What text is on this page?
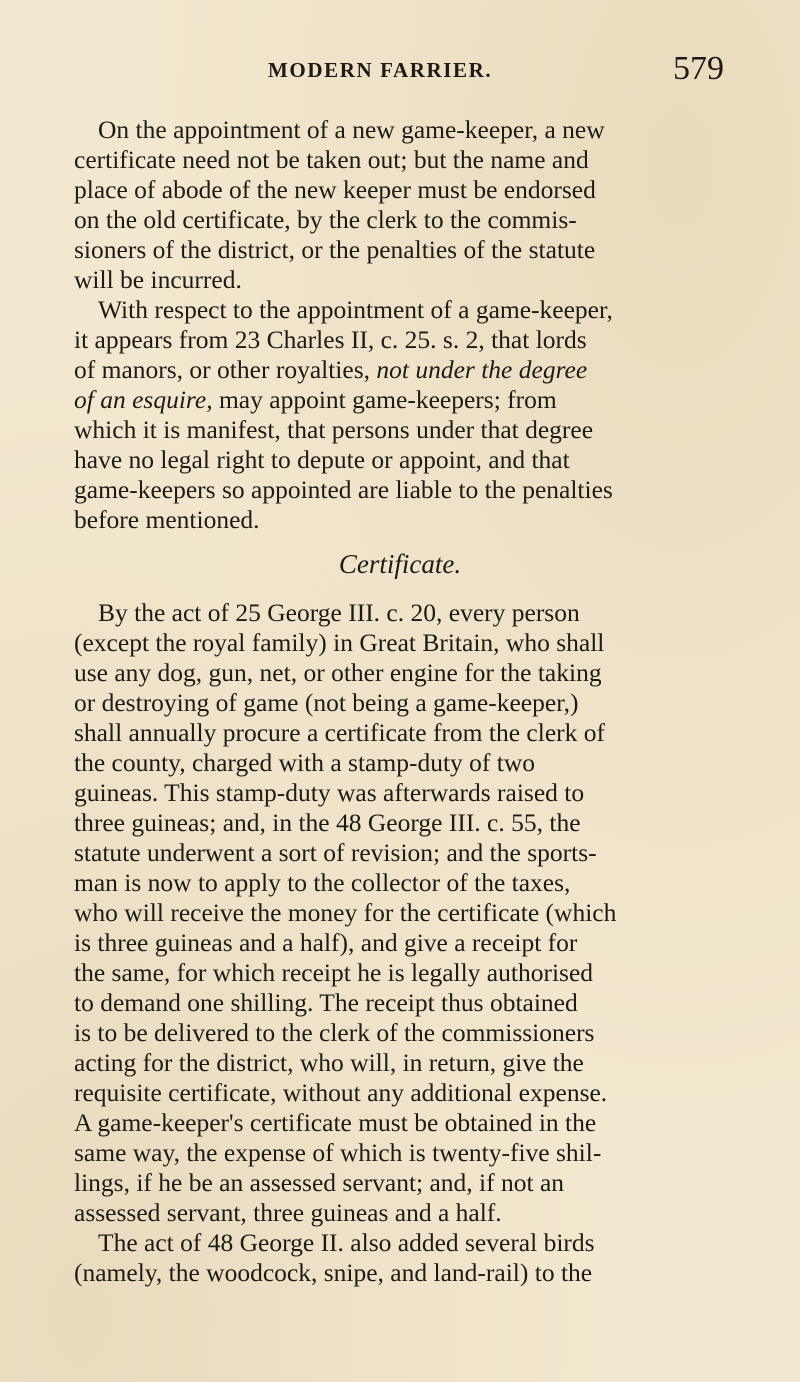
MODERN FARRIER.	579
On the appointment of a new game-keeper, a new
certificate need not be taken out; but the name and
place of abode of the new keeper must be endorsed
on the old certificate, by the clerk to the commis-
sioners of the district, or the penalties of the statute
will be incurred.
With respect to the appointment of a game-keeper,
it appears from 23 Charles II, c. 25. s. 2, that lords
of manors, or other royalties, not under the degree
of an esquire, may appoint game-keepers; from
which it is manifest, that persons under that degree
have no legal right to depute or appoint, and that
game-keepers so appointed are liable to the penalties
before mentioned.
Certificate.
By the act of 25 George III. c. 20, every person
(except the royal family) in Great Britain, who shall
use any dog, gun, net, or other engine for the taking
or destroying of game (not being a game-keeper,)
shall annually procure a certificate from the clerk of
the county, charged with a stamp-duty of two
guineas. This stamp-duty was afterwards raised to
three guineas; and, in the 48 George III. c. 55, the
statute underwent a sort of revision; and the sports-
man is now to apply to the collector of the taxes,
who will receive the money for the certificate (which
is three guineas and a half), and give a receipt for
the same, for which receipt he is legally authorised
to demand one shilling. The receipt thus obtained
is to be delivered to the clerk of the commissioners
acting for the district, who will, in return, give the
requisite certificate, without any additional expense.
A game-keeper's certificate must be obtained in the
same way, the expense of which is twenty-five shil-
lings, if he be an assessed servant; and, if not an
assessed servant, three guineas and a half.
The act of 48 George II. also added several birds
(namely, the woodcock, snipe, and land-rail) to the
